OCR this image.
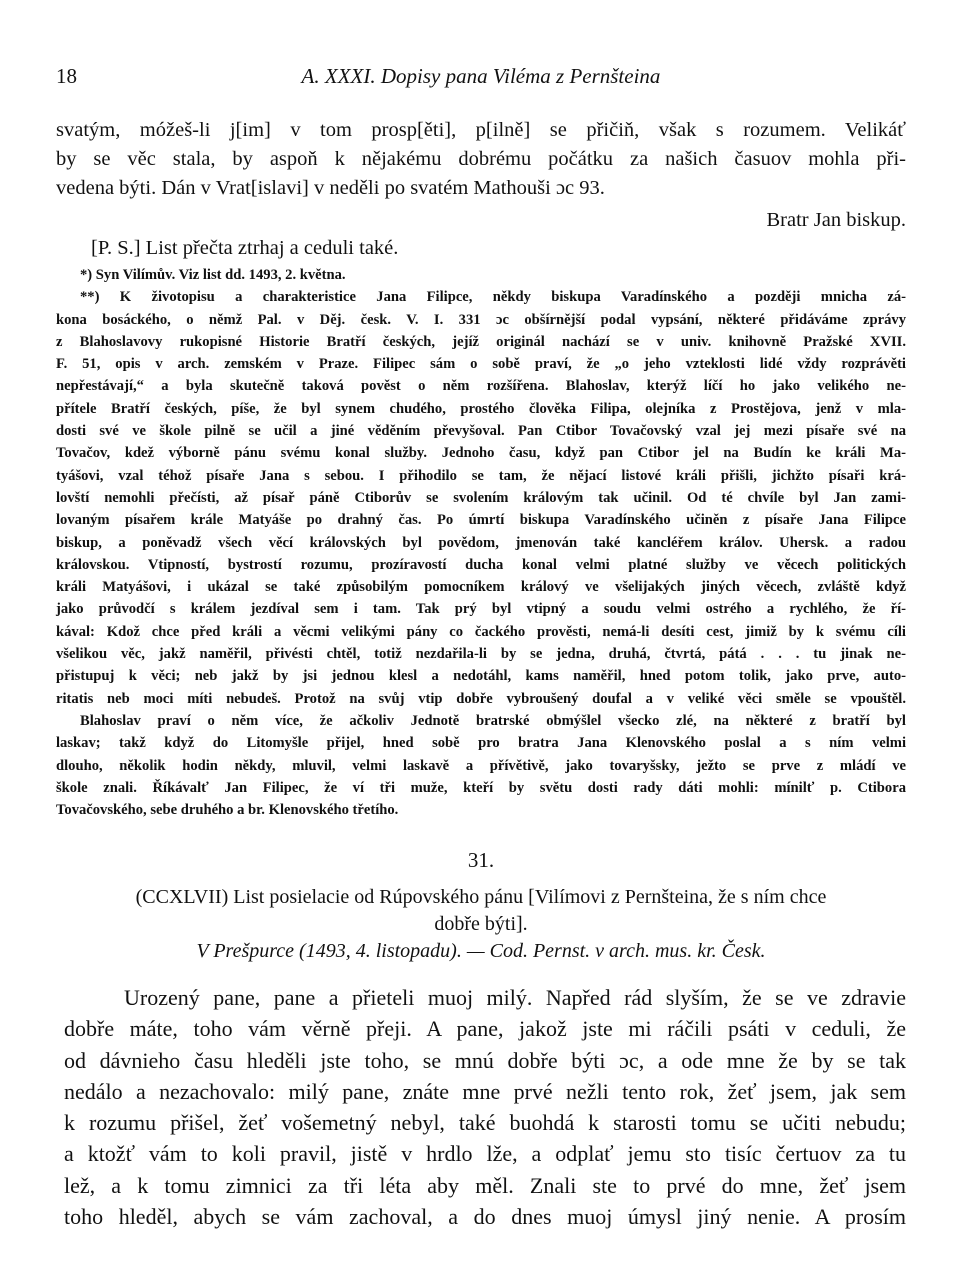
18	A. XXXI. Dopisy pana Viléma z Pernšteina
svatým, móžeš-li j[im] v tom prosp[ěti], p[ilně] se přičiň, však s rozumem. Velikáť
by se věc stala, by aspoň k nějakému dobrému počátku za našich časuov mohla při-
vedena býti. Dán v Vrat[islavi] v neděli po svatém Mathouši ɔc 93.
Bratr Jan biskup.
[P. S.] List přečta ztrhaj a ceduli také.
*) Syn Vilímův. Viz list dd. 1493, 2. května.
**) K životopisu a charakteristice Jana Filipce, někdy biskupa Varadínského a později mnicha zá-
kona bosáckého, o němž Pal. v Děj. česk. V. I. 331 ɔc obšírnější podal vypsání, některé přidáváme zprávy
z Blahoslavovy rukopisné Historie Bratří českých, jejíž originál nachází se v univ. knihovně Pražské XVII.
F. 51, opis v arch. zemském v Praze. Filipec sám o sobě praví, že „o jeho vzteklosti lidé vždy rozprávěti
nepřestávají,“ a byla skutečně taková pověst o něm rozšířena. Blahoslav, kterýž líčí ho jako velikého ne-
přítele Bratří českých, píše, že byl synem chudého, prostého člověka Filipa, olejníka z Prostějova, jenž v mla-
dosti své ve škole pilně se učil a jiné věděním převyšoval. Pan Ctibor Tovačovský vzal jej mezi písaře své na
Tovačov, kdež výborně pánu svému konal služby. Jednoho času, když pan Ctibor jel na Budín ke králi Ma-
tyášovi, vzal téhož písaře Jana s sebou. I přihodilo se tam, že nějací listové králi přišli, jichžto písaři krá-
lovští nemohli přečísti, až písař páně Ctiborův se svolením královým tak učinil. Od té chvíle byl Jan zami-
lovaným písařem krále Matyáše po drahný čas. Po úmrtí biskupa Varadínského učiněn z písaře Jana Filipce
biskup, a poněvadž všech věcí královských byl povědom, jmenován také kancléřem králov. Uhersk. a radou
královskou. Vtipností, bystrostí rozumu, prozíravostí ducha konal velmi platné služby ve věcech politických
králi Matyášovi, i ukázal se také způsobilým pomocníkem králový ve všelijakých jiných věcech, zvláště když
jako průvodčí s králem jezdíval sem i tam. Tak prý byl vtipný a soudu velmi ostrého a rychlého, že ří-
kával: Kdož chce před králi a věcmi velikými pány co čackého prověsti, nemá-li desíti cest, jimiž by k svému cíli
všelikou věc, jakž naměřil, přivésti chtěl, totiž nezdařila-li by se jedna, druhá, čtvrtá, pátá . . . tu jinak ne-
přistupuj k věci; neb jakž by jsi jednou klesl a nedotáhl, kams naměřil, hned potom tolik, jako prve, auto-
ritatis neb moci míti nebudeš. Protož na svůj vtip dobře vybroušený doufal a v veliké věci směle se vpouštěl.
Blahoslav praví o něm více, že ačkoliv Jednotě bratrské obmýšlel všecko zlé, na některé z bratří byl
laskav; takž když do Litomyšle přijel, hned sobě pro bratra Jana Klenovského poslal a s ním velmi
dlouho, několik hodin někdy, mluvil, velmi laskavě a přívětivě, jako tovaryšsky, ježto se prve z mládí ve
škole znali. Říkávalť Jan Filipec, že ví tři muže, kteří by světu dosti rady dáti mohli: mínilť p. Ctibora
Tovačovského, sebe druhého a br. Klenovského třetího.
31.
(CCXLVII) List posielacie od Rúpovského pánu [Vilímovi z Pernšteina, že s ním chce
dobře býti].
V Prešpurce (1493, 4. listopadu). — Cod. Pernst. v arch. mus. kr. Česk.
Urozený pane, pane a přieteli muoj milý. Napřed rád slyším, že se ve zdravie
dobře máte, toho vám věrně přeji. A pane, jakož jste mi ráčili psáti v ceduli, že
od dávnieho času hleděli jste toho, se mnú dobře býti ɔc, a ode mne že by se tak
nedálo a nezachovalo: milý pane, znáte mne prvé nežli tento rok, žeť jsem, jak sem
k rozumu přišel, žeť vošemetný nebyl, také buohdá k starosti tomu se učiti nebudu;
a ktožť vám to koli pravil, jistě v hrdlo lže, a odplať jemu sto tisíc čertuov za tu
lež, a k tomu zimnici za tři léta aby měl. Znali ste to prvé do mne, žeť jsem
toho hleděl, abych se vám zachoval, a do dnes muoj úmysl jiný nenie. A prosím
